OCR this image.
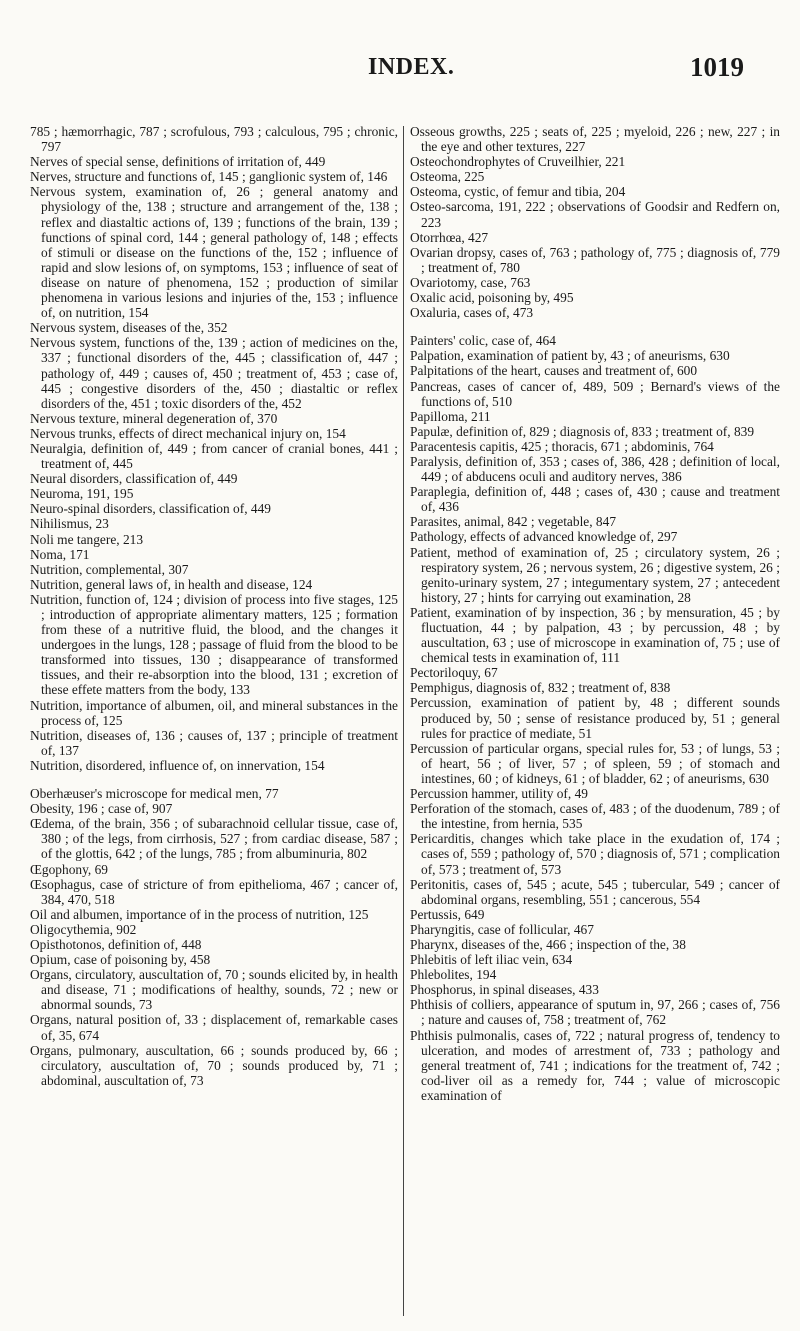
INDEX.	1019
785 ; hæmorrhagic, 787 ; scrofulous, 793 ; calculous, 795 ; chronic, 797
Nerves of special sense, definitions of irritation of, 449
Nerves, structure and functions of, 145 ; ganglionic system of, 146
Nervous system, examination of, 26 ; general anatomy and physiology of the, 138 ; structure and arrangement of the, 138 ; reflex and diastaltic actions of, 139 ; functions of the brain, 139 ; functions of spinal cord, 144 ; general pathology of, 148 ; effects of stimuli or disease on the functions of the, 152 ; influence of rapid and slow lesions of, on symptoms, 153 ; influence of seat of disease on nature of phenomena, 152 ; production of similar phenomena in various lesions and injuries of the, 153 ; influence of, on nutrition, 154
Nervous system, diseases of the, 352
Nervous system, functions of the, 139 ; action of medicines on the, 337 ; functional disorders of the, 445 ; classification of, 447 ; pathology of, 449 ; causes of, 450 ; treatment of, 453 ; case of, 445 ; congestive disorders of the, 450 ; diastaltic or reflex disorders of the, 451 ; toxic disorders of the, 452
Nervous texture, mineral degeneration of, 370
Nervous trunks, effects of direct mechanical injury on, 154
Neuralgia, definition of, 449 ; from cancer of cranial bones, 441 ; treatment of, 445
Neural disorders, classification of, 449
Neuroma, 191, 195
Neuro-spinal disorders, classification of, 449
Nihilismus, 23
Noli me tangere, 213
Noma, 171
Nutrition, complemental, 307
Nutrition, general laws of, in health and disease, 124
Nutrition, function of, 124 ; division of process into five stages, 125 ; introduction of appropriate alimentary matters, 125 ; formation from these of a nutritive fluid, the blood, and the changes it undergoes in the lungs, 128 ; passage of fluid from the blood to be transformed into tissues, 130 ; disappearance of transformed tissues, and their re-absorption into the blood, 131 ; excretion of these effete matters from the body, 133
Nutrition, importance of albumen, oil, and mineral substances in the process of, 125
Nutrition, diseases of, 136 ; causes of, 137 ; principle of treatment of, 137
Nutrition, disordered, influence of, on innervation, 154
Oberhæuser's microscope for medical men, 77
Obesity, 196 ; case of, 907
Œdema, of the brain, 356 ; of subarachnoid cellular tissue, case of, 380 ; of the legs, from cirrhosis, 527 ; from cardiac disease, 587 ; of the glottis, 642 ; of the lungs, 785 ; from albuminuria, 802
Œgophony, 69
Œsophagus, case of stricture of from epithelioma, 467 ; cancer of, 384, 470, 518
Oil and albumen, importance of in the process of nutrition, 125
Oligocythemia, 902
Opisthotonos, definition of, 448
Opium, case of poisoning by, 458
Organs, circulatory, auscultation of, 70 ; sounds elicited by, in health and disease, 71 ; modifications of healthy, sounds, 72 ; new or abnormal sounds, 73
Organs, natural position of, 33 ; displacement of, remarkable cases of, 35, 674
Organs, pulmonary, auscultation, 66 ; sounds produced by, 66 ; circulatory, auscultation of, 70 ; sounds produced by, 71 ; abdominal, auscultation of, 73
Osseous growths, 225 ; seats of, 225 ; myeloid, 226 ; new, 227 ; in the eye and other textures, 227
Osteochondrophytes of Cruveilhier, 221
Osteoma, 225
Osteoma, cystic, of femur and tibia, 204
Osteo-sarcoma, 191, 222 ; observations of Goodsir and Redfern on, 223
Otorrhœa, 427
Ovarian dropsy, cases of, 763 ; pathology of, 775 ; diagnosis of, 779 ; treatment of, 780
Ovariotomy, case, 763
Oxalic acid, poisoning by, 495
Oxaluria, cases of, 473
Painters' colic, case of, 464
Palpation, examination of patient by, 43 ; of aneurisms, 630
Palpitations of the heart, causes and treatment of, 600
Pancreas, cases of cancer of, 489, 509 ; Bernard's views of the functions of, 510
Papilloma, 211
Papulæ, definition of, 829 ; diagnosis of, 833 ; treatment of, 839
Paracentesis capitis, 425 ; thoracis, 671 ; abdominis, 764
Paralysis, definition of, 353 ; cases of, 386, 428 ; definition of local, 449 ; of abducens oculi and auditory nerves, 386
Paraplegia, definition of, 448 ; cases of, 430 ; cause and treatment of, 436
Parasites, animal, 842 ; vegetable, 847
Pathology, effects of advanced knowledge of, 297
Patient, method of examination of, 25 ; circulatory system, 26 ; respiratory system, 26 ; nervous system, 26 ; digestive system, 26 ; genito-urinary system, 27 ; integumentary system, 27 ; antecedent history, 27 ; hints for carrying out examination, 28
Patient, examination of by inspection, 36 ; by mensuration, 45 ; by fluctuation, 44 ; by palpation, 43 ; by percussion, 48 ; by auscultation, 63 ; use of microscope in examination of, 75 ; use of chemical tests in examination of, 111
Pectoriloquy, 67
Pemphigus, diagnosis of, 832 ; treatment of, 838
Percussion, examination of patient by, 48 ; different sounds produced by, 50 ; sense of resistance produced by, 51 ; general rules for practice of mediate, 51
Percussion of particular organs, special rules for, 53 ; of lungs, 53 ; of heart, 56 ; of liver, 57 ; of spleen, 59 ; of stomach and intestines, 60 ; of kidneys, 61 ; of bladder, 62 ; of aneurisms, 630
Percussion hammer, utility of, 49
Perforation of the stomach, cases of, 483 ; of the duodenum, 789 ; of the intestine, from hernia, 535
Pericarditis, changes which take place in the exudation of, 174 ; cases of, 559 ; pathology of, 570 ; diagnosis of, 571 ; complication of, 573 ; treatment of, 573
Peritonitis, cases of, 545 ; acute, 545 ; tubercular, 549 ; cancer of abdominal organs, resembling, 551 ; cancerous, 554
Pertussis, 649
Pharyngitis, case of follicular, 467
Pharynx, diseases of the, 466 ; inspection of the, 38
Phlebitis of left iliac vein, 634
Phlebolites, 194
Phosphorus, in spinal diseases, 433
Phthisis of colliers, appearance of sputum in, 97, 266 ; cases of, 756 ; nature and causes of, 758 ; treatment of, 762
Phthisis pulmonalis, cases of, 722 ; natural progress of, tendency to ulceration, and modes of arrestment of, 733 ; pathology and general treatment of, 741 ; indications for the treatment of, 742 ; cod-liver oil as a remedy for, 744 ; value of microscopic examination of
